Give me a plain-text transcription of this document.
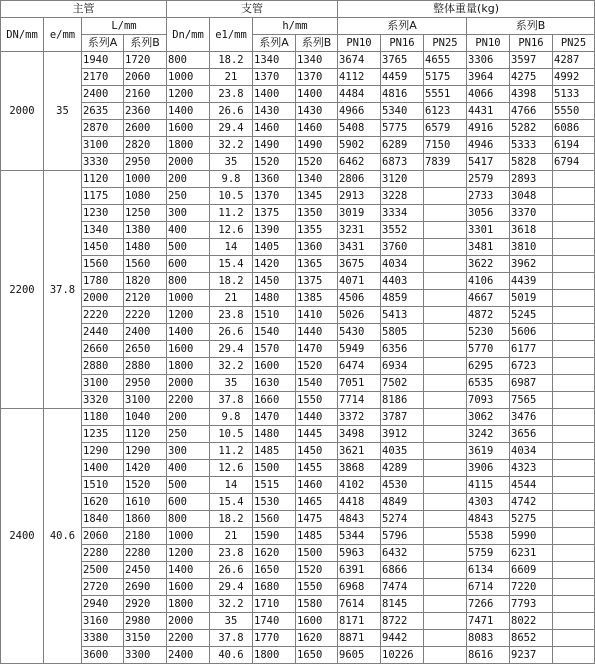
主管				支管				整体重量(kg)					
DN/mm	e/mm	L/mm		Dn/mm	e1/mm	h/mm		系列A			系列B		
		系列A	系列B			系列A	系列B	PN10	PN16	PN25	PN10	PN16	PN25
2000	35	1940	1720	800	18.2	1340	1340	3674	3765	4655	3306	3597	4287
		2170	2060	1000	21	1370	1370	4112	4459	5175	3964	4275	4992
		2400	2160	1200	23.8	1400	1400	4484	4816	5551	4066	4398	5133
		2635	2360	1400	26.6	1430	1430	4966	5340	6123	4431	4766	5550
		2870	2600	1600	29.4	1460	1460	5408	5775	6579	4916	5282	6086
		3100	2820	1800	32.2	1490	1490	5902	6289	7150	4946	5333	6194
		3330	2950	2000	35	1520	1520	6462	6873	7839	5417	5828	6794
2200	37.8	1120	1000	200	9.8	1360	1340	2806	3120		2579	2893	
		1175	1080	250	10.5	1370	1345	2913	3228		2733	3048	
		1230	1250	300	11.2	1375	1350	3019	3334		3056	3370	
		1340	1380	400	12.6	1390	1355	3231	3552		3301	3618	
		1450	1480	500	14	1405	1360	3431	3760		3481	3810	
		1560	1560	600	15.4	1420	1365	3675	4034		3622	3962	
		1780	1820	800	18.2	1450	1375	4071	4403		4106	4439	
		2000	2120	1000	21	1480	1385	4506	4859		4667	5019	
		2220	2220	1200	23.8	1510	1410	5026	5413		4872	5245	
		2440	2400	1400	26.6	1540	1440	5430	5805		5230	5606	
		2660	2650	1600	29.4	1570	1470	5949	6356		5770	6177	
		2880	2880	1800	32.2	1600	1520	6474	6934		6295	6723	
		3100	2950	2000	35	1630	1540	7051	7502		6535	6987	
		3320	3100	2200	37.8	1660	1550	7714	8186		7093	7565	
2400	40.6	1180	1040	200	9.8	1470	1440	3372	3787		3062	3476	
		1235	1120	250	10.5	1480	1445	3498	3912		3242	3656	
		1290	1290	300	11.2	1485	1450	3621	4035		3619	4034	
		1400	1420	400	12.6	1500	1455	3868	4289		3906	4323	
		1510	1520	500	14	1515	1460	4102	4530		4115	4544	
		1620	1610	600	15.4	1530	1465	4418	4849		4303	4742	
		1840	1860	800	18.2	1560	1475	4843	5274		4843	5275	
		2060	2180	1000	21	1590	1485	5344	5796		5538	5990	
		2280	2280	1200	23.8	1620	1500	5963	6432		5759	6231	
		2500	2450	1400	26.6	1650	1520	6391	6866		6134	6609	
		2720	2690	1600	29.4	1680	1550	6968	7474		6714	7220	
		2940	2920	1800	32.2	1710	1580	7614	8145		7266	7793	
		3160	2980	2000	35	1740	1600	8171	8722		7471	8022	
		3380	3150	2200	37.8	1770	1620	8871	9442		8083	8652	
		3600	3300	2400	40.6	1800	1650	9605	10226		8616	9237	
